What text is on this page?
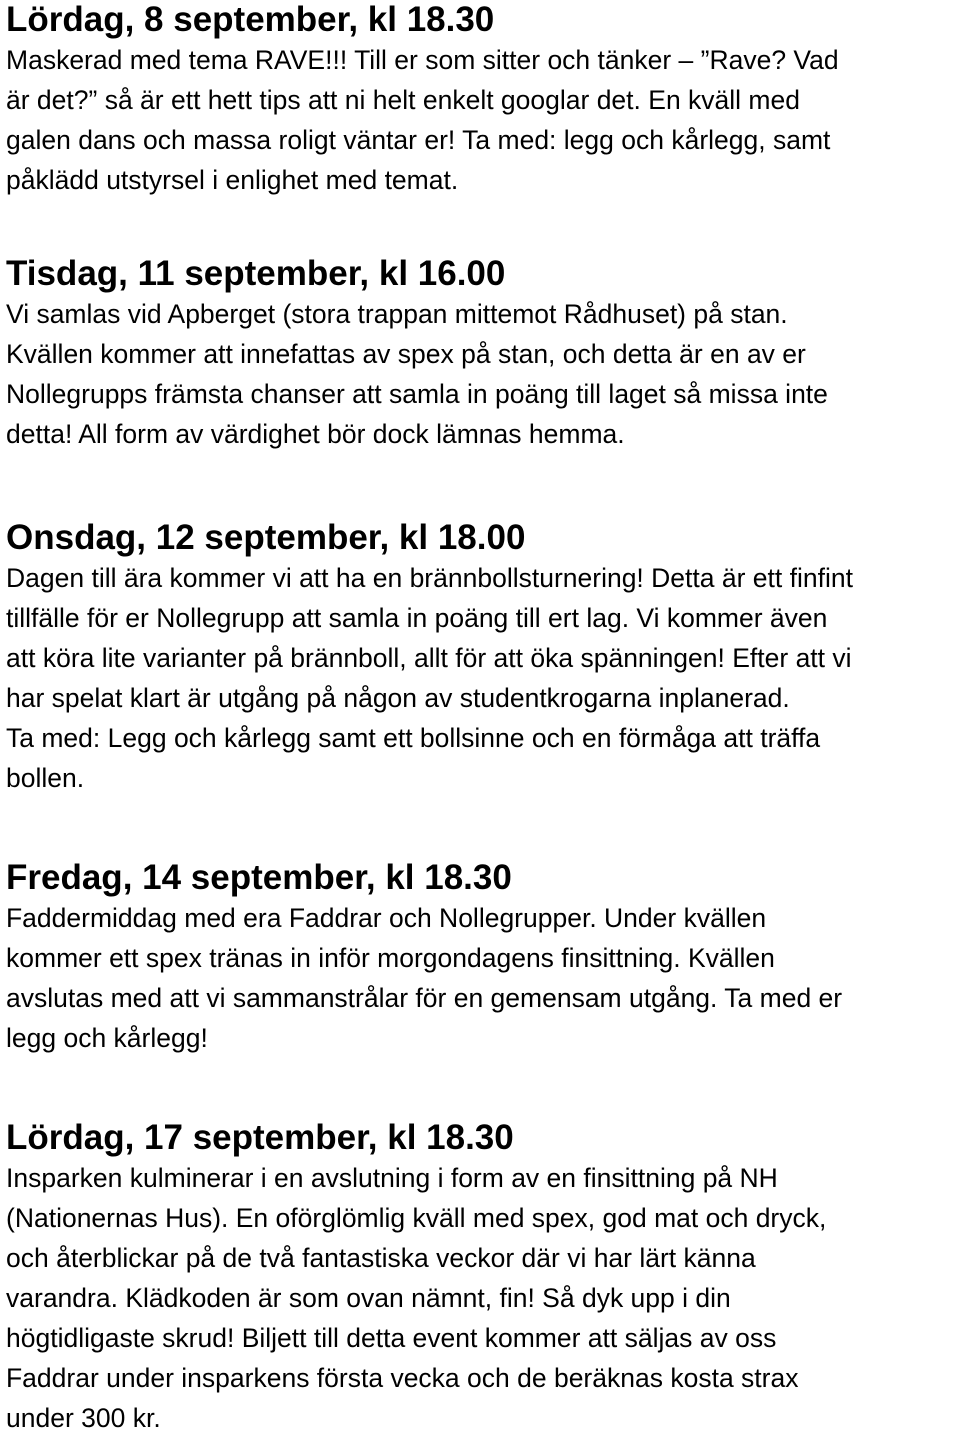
Lördag, 8 september, kl 18.30

Maskerad med tema RAVE!!! Till er som sitter och tänker – ”Rave? Vad
är det?” så är ett hett tips att ni helt enkelt googlar det. En kväll med
galen dans och massa roligt väntar er! Ta med: legg och kårlegg, samt
påklädd utstyrsel i enlighet med temat.

Tisdag, 11 september, kl 16.00

Vi samlas vid Apberget (stora trappan mittemot Rådhuset) på stan.
Kvällen kommer att innefattas av spex på stan, och detta är en av er
Nollegrupps främsta chanser att samla in poäng till laget så missa inte
detta! All form av värdighet bör dock lämnas hemma.

Onsdag, 12 september, kl 18.00

Dagen till ära kommer vi att ha en brännbollsturnering! Detta är ett finfint
tillfälle för er Nollegrupp att samla in poäng till ert lag. Vi kommer även
att köra lite varianter på brännboll, allt för att öka spänningen! Efter att vi
har spelat klart är utgång på någon av studentkrogarna inplanerad.
Ta med: Legg och kårlegg samt ett bollsinne och en förmåga att träffa
bollen.

Fredag, 14 september, kl 18.30

Faddermiddag med era Faddrar och Nollegrupper. Under kvällen
kommer ett spex tränas in inför morgondagens finsittning. Kvällen
avslutas med att vi sammanstrålar för en gemensam utgång. Ta med er
legg och kårlegg!

Lördag, 17 september, kl 18.30

Insparken kulminerar i en avslutning i form av en finsittning på NH
(Nationernas Hus). En oförglömlig kväll med spex, god mat och dryck,
och återblickar på de två fantastiska veckor där vi har lärt känna
varandra. Klädkoden är som ovan nämnt, fin! Så dyk upp i din
högtidligaste skrud! Biljett till detta event kommer att säljas av oss
Faddrar under insparkens första vecka och de beräknas kosta strax
under 300 kr.
